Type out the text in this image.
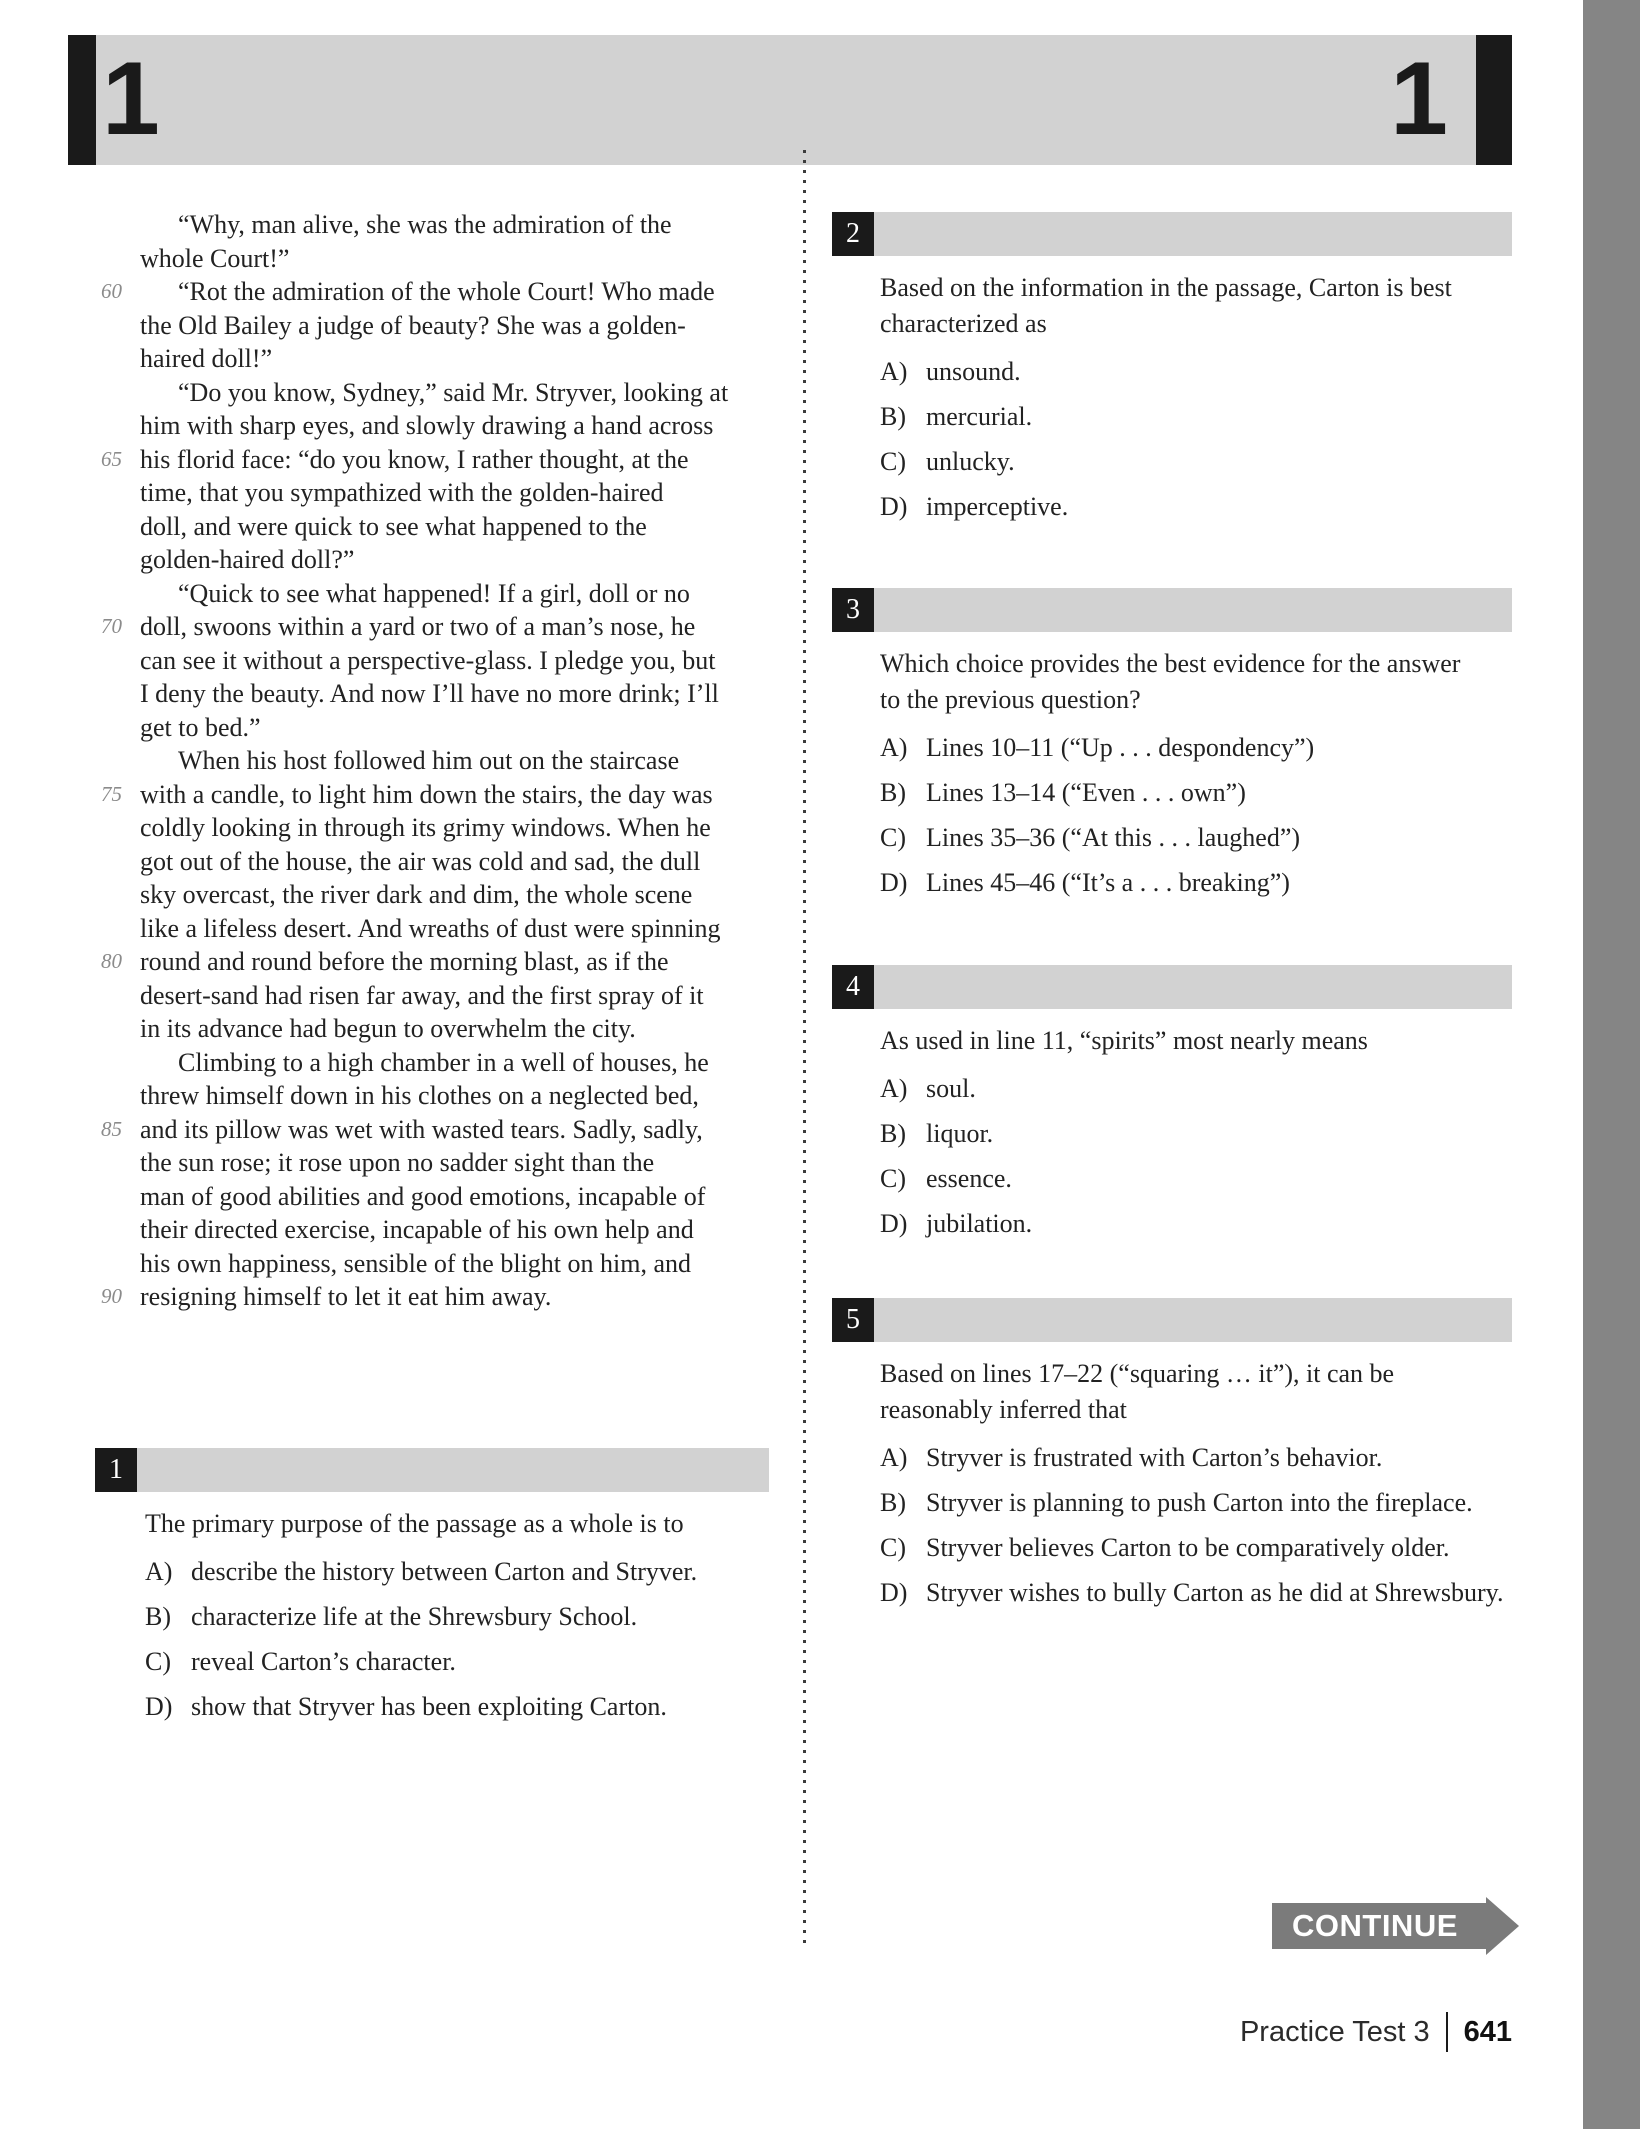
1	1
“Why, man alive, she was the admiration of the
whole Court!”
60	“Rot the admiration of the whole Court! Who made
the Old Bailey a judge of beauty? She was a golden-
haired doll!”
“Do you know, Sydney,” said Mr. Stryver, looking at
him with sharp eyes, and slowly drawing a hand across
65 his florid face: “do you know, I rather thought, at the
time, that you sympathized with the golden-haired
doll, and were quick to see what happened to the
golden-haired doll?”
“Quick to see what happened! If a girl, doll or no
70 doll, swoons within a yard or two of a man’s nose, he
can see it without a perspective-glass. I pledge you, but
I deny the beauty. And now I’ll have no more drink; I’ll
get to bed.”
When his host followed him out on the staircase
75 with a candle, to light him down the stairs, the day was
coldly looking in through its grimy windows. When he
got out of the house, the air was cold and sad, the dull
sky overcast, the river dark and dim, the whole scene
like a lifeless desert. And wreaths of dust were spinning
80 round and round before the morning blast, as if the
desert-sand had risen far away, and the first spray of it
in its advance had begun to overwhelm the city.
Climbing to a high chamber in a well of houses, he
threw himself down in his clothes on a neglected bed,
85 and its pillow was wet with wasted tears. Sadly, sadly,
the sun rose; it rose upon no sadder sight than the
man of good abilities and good emotions, incapable of
their directed exercise, incapable of his own help and
his own happiness, sensible of the blight on him, and
90 resigning himself to let it eat him away.
1

The primary purpose of the passage as a whole is to

A) describe the history between Carton and Stryver.
B) characterize life at the Shrewsbury School.
C) reveal Carton’s character.
D) show that Stryver has been exploiting Carton.
2

Based on the information in the passage, Carton is best characterized as

A) unsound.
B) mercurial.
C) unlucky.
D) imperceptive.
3

Which choice provides the best evidence for the answer to the previous question?

A) Lines 10–11 (“Up . . . despondency”)
B) Lines 13–14 (“Even . . . own”)
C) Lines 35–36 (“At this . . . laughed”)
D) Lines 45–46 (“It’s a . . . breaking”)
4

As used in line 11, “spirits” most nearly means

A) soul.
B) liquor.
C) essence.
D) jubilation.
5

Based on lines 17–22 (“squaring … it”), it can be reasonably inferred that

A) Stryver is frustrated with Carton’s behavior.
B) Stryver is planning to push Carton into the fireplace.
C) Stryver believes Carton to be comparatively older.
D) Stryver wishes to bully Carton as he did at Shrewsbury.
CONTINUE
Practice Test 3 641
